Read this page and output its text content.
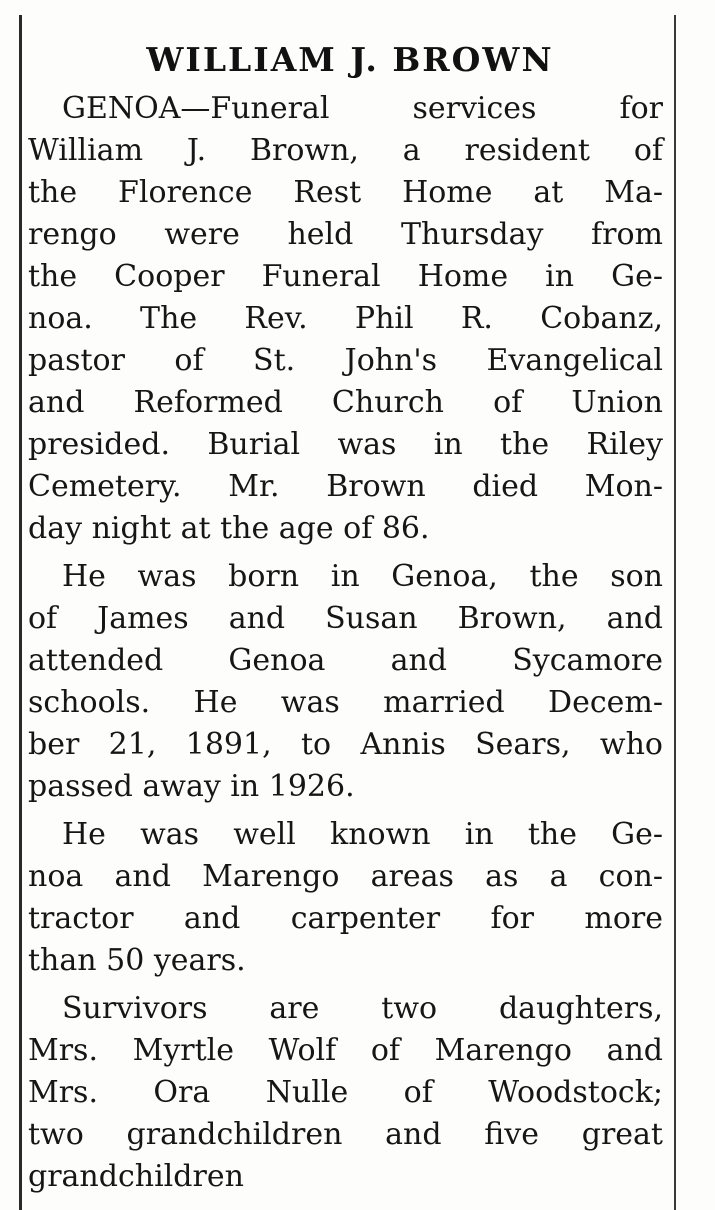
WILLIAM J. BROWN
GENOA—Funeral services for
William J. Brown, a resident of
the Florence Rest Home at Ma-
rengo were held Thursday from
the Cooper Funeral Home in Ge-
noa. The Rev. Phil R. Cobanz,
pastor of St. John's Evangelical
and Reformed Church of Union
presided. Burial was in the Riley
Cemetery. Mr. Brown died Mon-
day night at the age of 86.
He was born in Genoa, the son
of James and Susan Brown, and
attended Genoa and Sycamore
schools. He was married Decem-
ber 21, 1891, to Annis Sears, who
passed away in 1926.
He was well known in the Ge-
noa and Marengo areas as a con-
tractor and carpenter for more
than 50 years.
Survivors are two daughters,
Mrs. Myrtle Wolf of Marengo and
Mrs. Ora Nulle of Woodstock;
two grandchildren and five great
grandchildren
